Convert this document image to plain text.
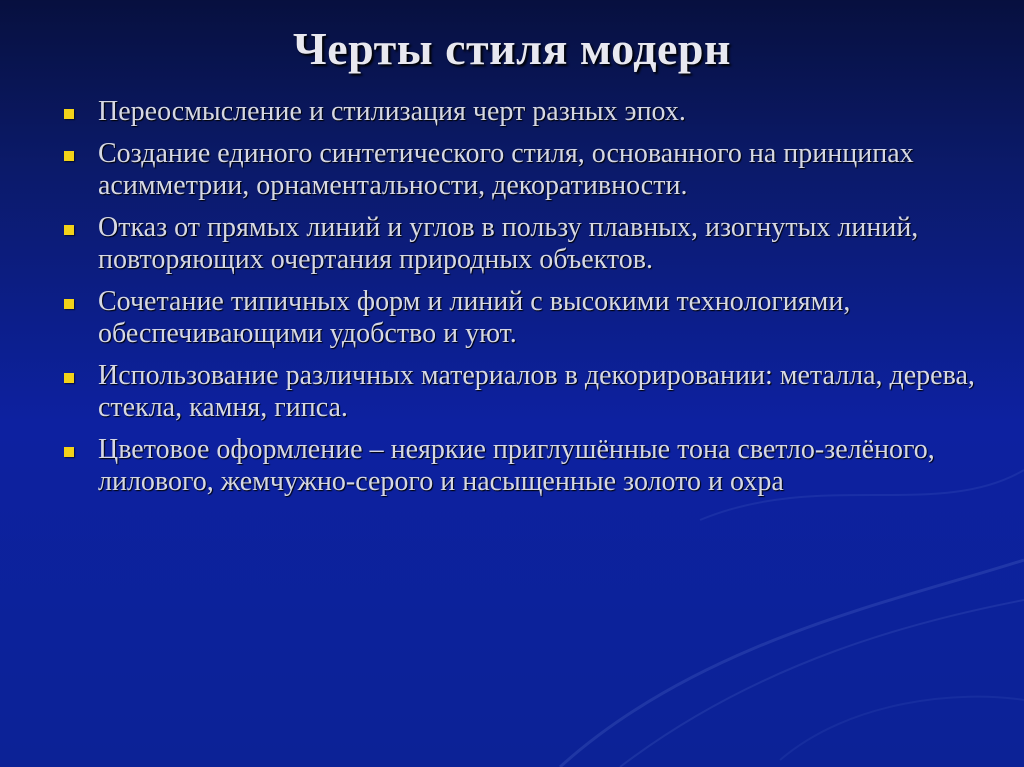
Черты стиля модерн
Переосмысление и стилизация черт разных эпох.
Создание единого синтетического стиля, основанного на принципах асимметрии, орнаментальности, декоративности.
Отказ от прямых линий и углов в пользу плавных, изогнутых линий, повторяющих очертания природных объектов.
Сочетание типичных форм и линий с высокими технологиями, обеспечивающими удобство и уют.
Использование различных материалов в декорировании: металла, дерева, стекла, камня, гипса.
Цветовое оформление – неяркие приглушённые тона светло-зелёного, лилового, жемчужно-серого и насыщенные золото и охра
